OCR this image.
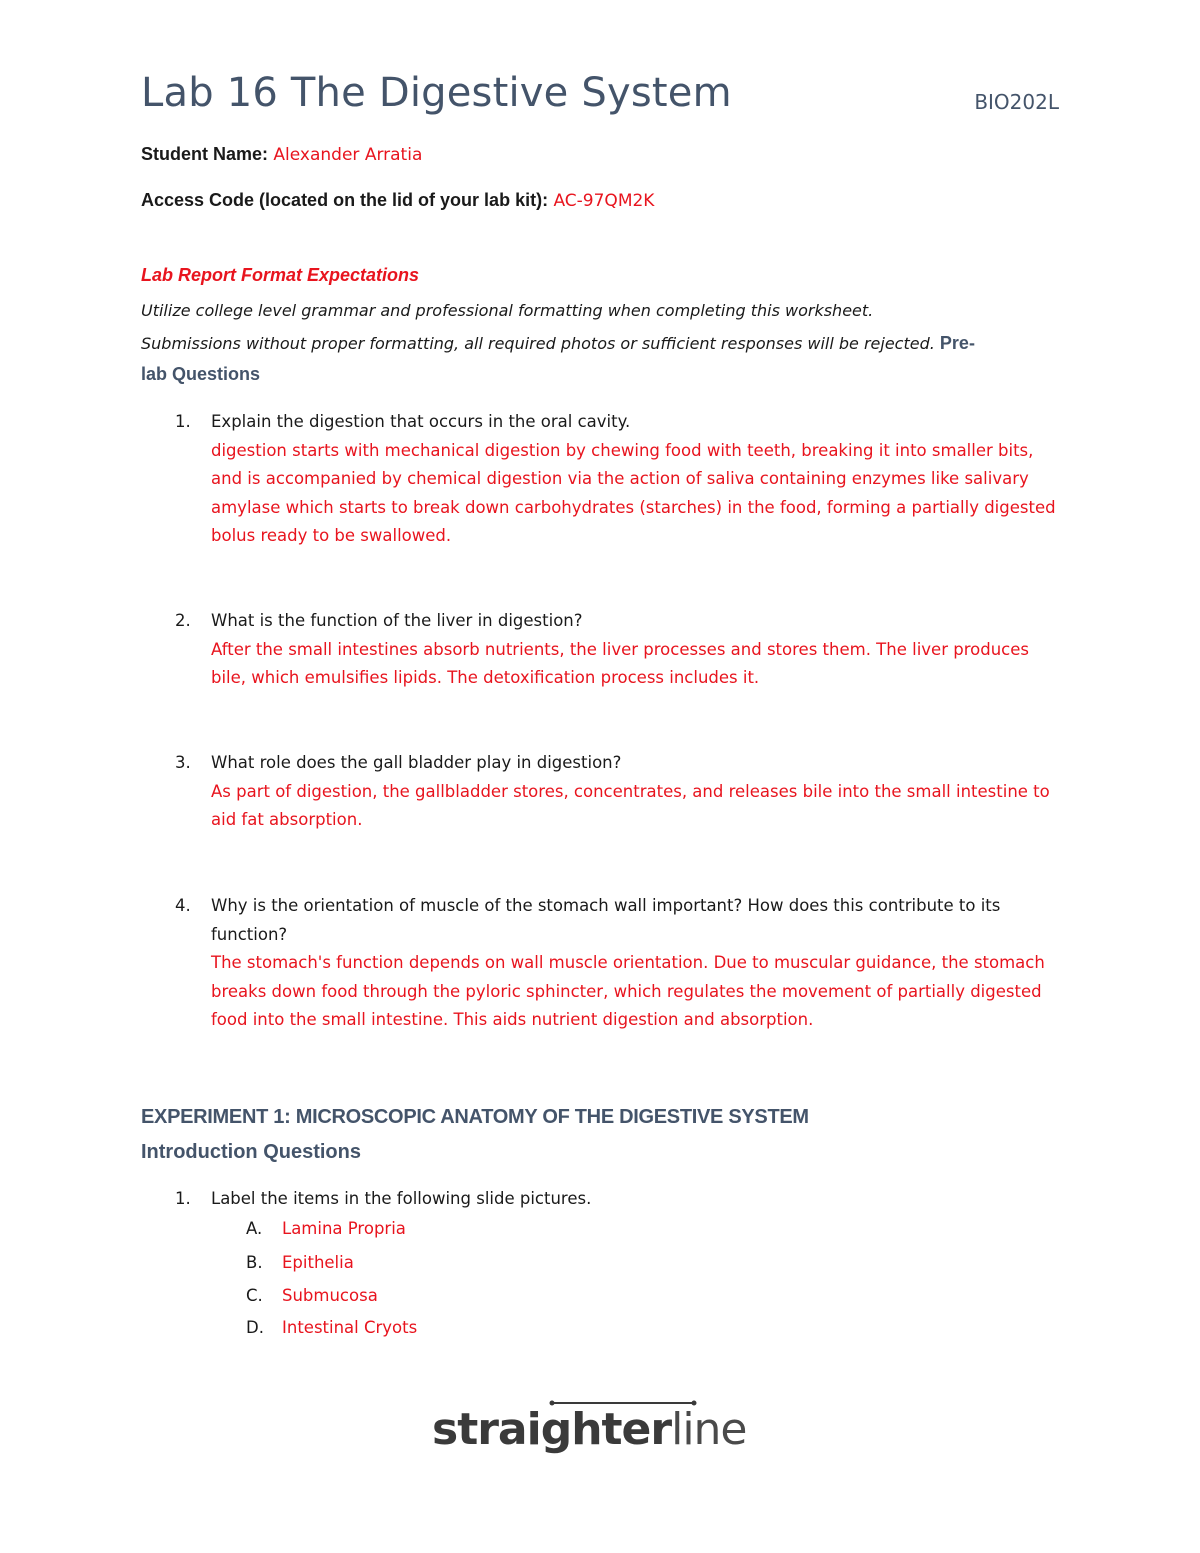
Lab 16 The Digestive System	BIO202L
Student Name: Alexander Arratia
Access Code (located on the lid of your lab kit): AC-97QM2K
Lab Report Format Expectations
Utilize college level grammar and professional formatting when completing this worksheet.
Submissions without proper formatting, all required photos or sufficient responses will be rejected. Pre-
lab Questions
1. Explain the digestion that occurs in the oral cavity.
digestion starts with mechanical digestion by chewing food with teeth, breaking it into smaller bits, and is accompanied by chemical digestion via the action of saliva containing enzymes like salivary amylase which starts to break down carbohydrates (starches) in the food, forming a partially digested bolus ready to be swallowed.
2. What is the function of the liver in digestion?
After the small intestines absorb nutrients, the liver processes and stores them. The liver produces bile, which emulsifies lipids. The detoxification process includes it.
3. What role does the gall bladder play in digestion?
As part of digestion, the gallbladder stores, concentrates, and releases bile into the small intestine to aid fat absorption.
4. Why is the orientation of muscle of the stomach wall important? How does this contribute to its function?
The stomach's function depends on wall muscle orientation. Due to muscular guidance, the stomach breaks down food through the pyloric sphincter, which regulates the movement of partially digested food into the small intestine. This aids nutrient digestion and absorption.
EXPERIMENT 1: MICROSCOPIC ANATOMY OF THE DIGESTIVE SYSTEM
Introduction Questions
1. Label the items in the following slide pictures.
A. Lamina Propria
B. Epithelia
C. Submucosa
D. Intestinal Cryots
straighterline
